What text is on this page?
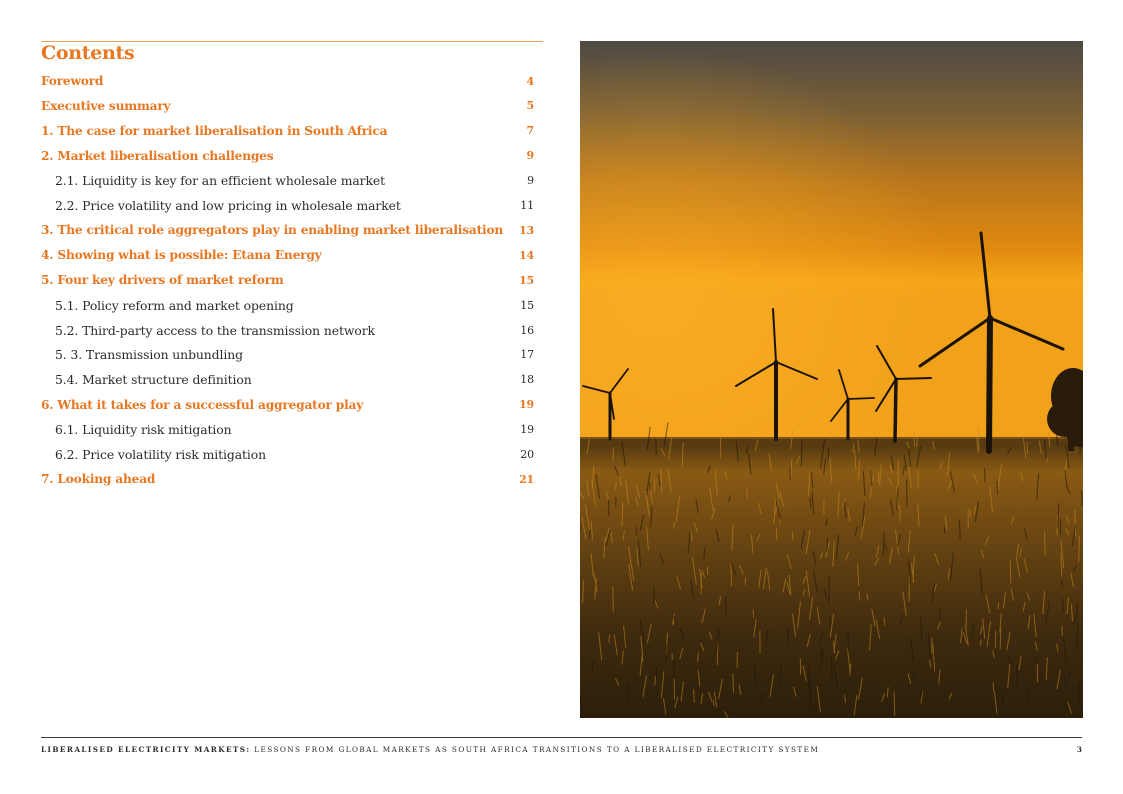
Contents
Foreword	4
Executive summary	5
1. The case for market liberalisation in South Africa	7
2. Market liberalisation challenges	9
2.1. Liquidity is key for an efficient wholesale market	9
2.2. Price volatility and low pricing in wholesale market	11
3. The critical role aggregators play in enabling market liberalisation 13
4. Showing what is possible: Etana Energy	14
5. Four key drivers of market reform	15
5.1. Policy reform and market opening	15
5.2. Third-party access to the transmission network	16
5. 3. Transmission unbundling	17
5.4. Market structure definition	18
6. What it takes for a successful aggregator play	19
6.1. Liquidity risk mitigation	19
6.2. Price volatility risk mitigation	20
7. Looking ahead	21
LIBERALISED ELECTRICITY MARKETS: LESSONS FROM GLOBAL MARKETS AS SOUTH AFRICA TRANSITIONS TO A LIBERALISED ELECTRICITY SYSTEM	3
